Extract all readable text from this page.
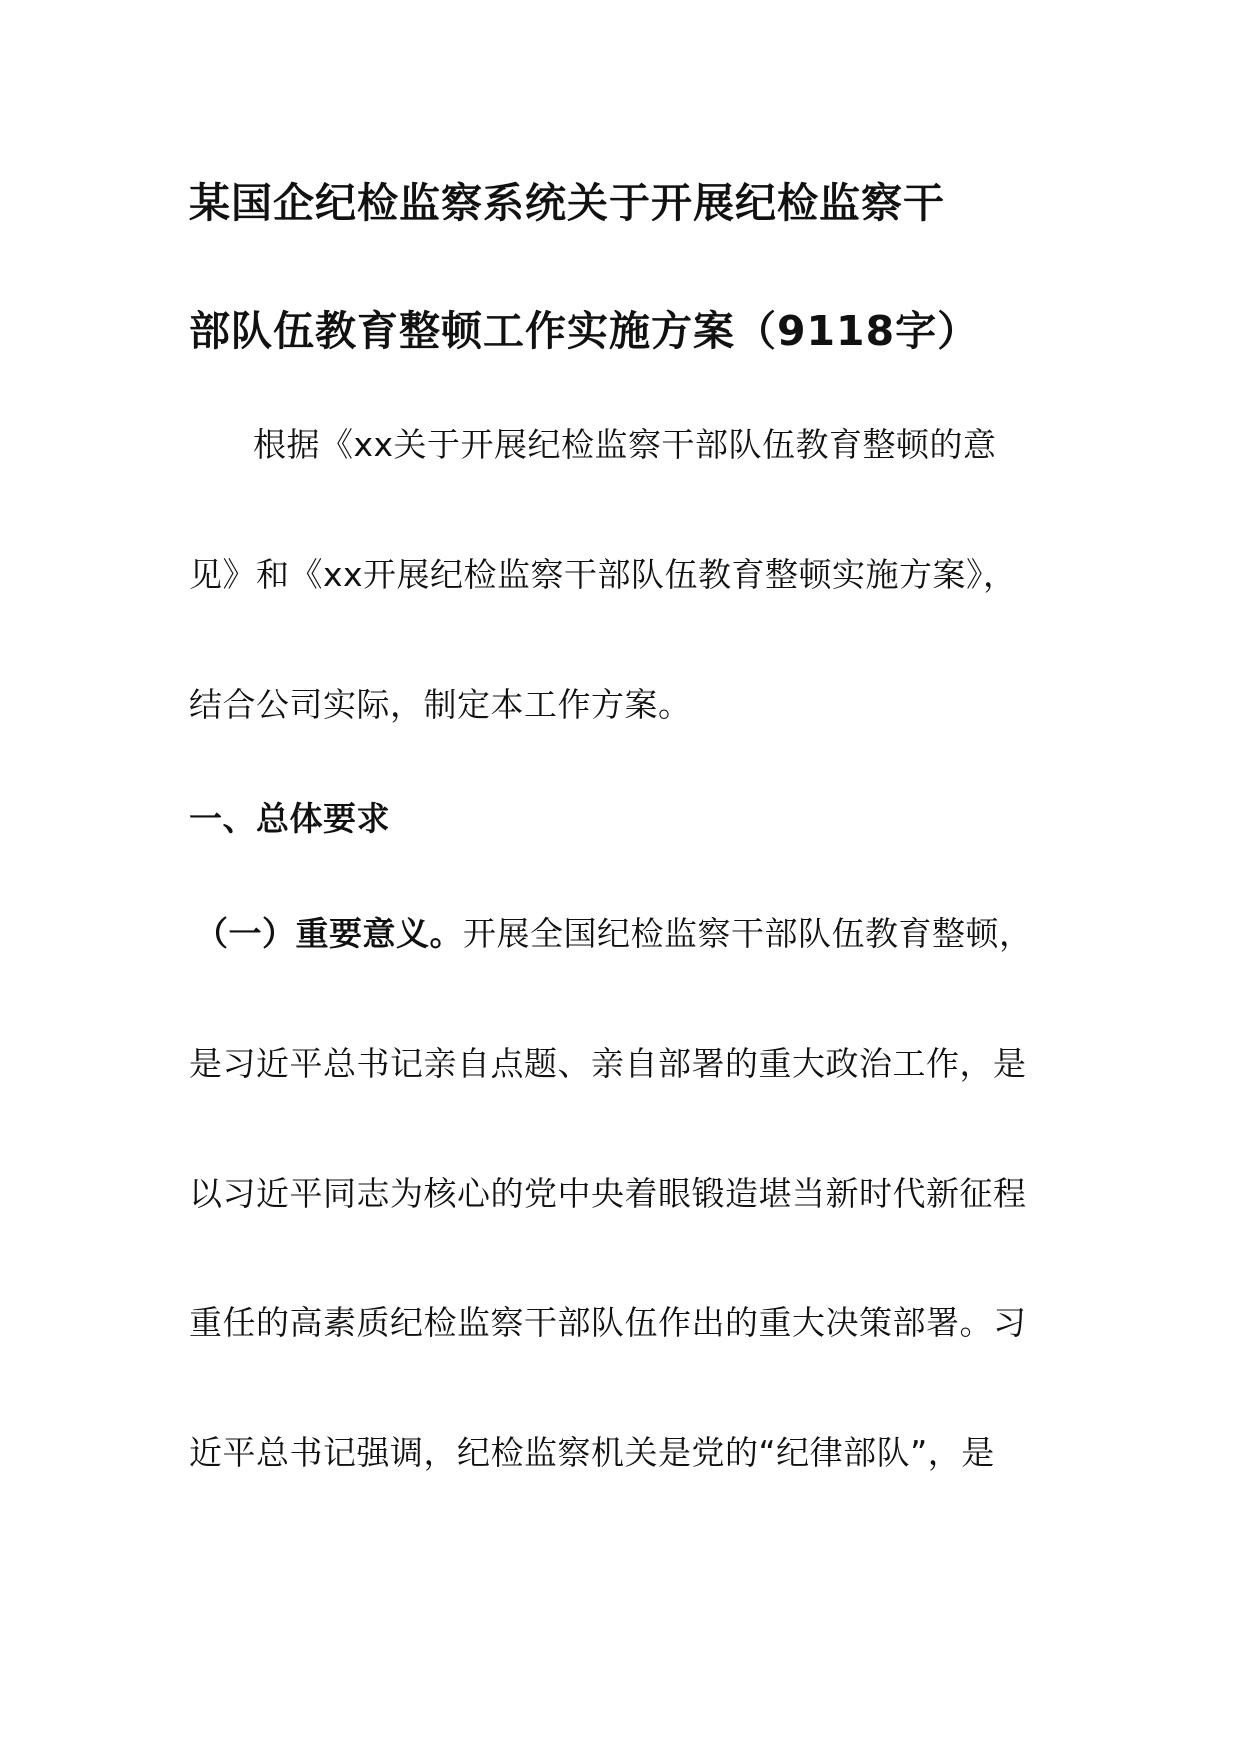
某国企纪检监察系统关于开展纪检监察干
部队伍教育整顿工作实施方案（9118字）
根据《xx关于开展纪检监察干部队伍教育整顿的意
见》和《xx开展纪检监察干部队伍教育整顿实施方案》，
结合公司实际，制定本工作方案。
一、总体要求
（一）重要意义。开展全国纪检监察干部队伍教育整顿，
是习近平总书记亲自点题、亲自部署的重大政治工作，是
以习近平同志为核心的党中央着眼锻造堪当新时代新征程
重任的高素质纪检监察干部队伍作出的重大决策部署。习
近平总书记强调，纪检监察机关是党的“纪律部队”，是
